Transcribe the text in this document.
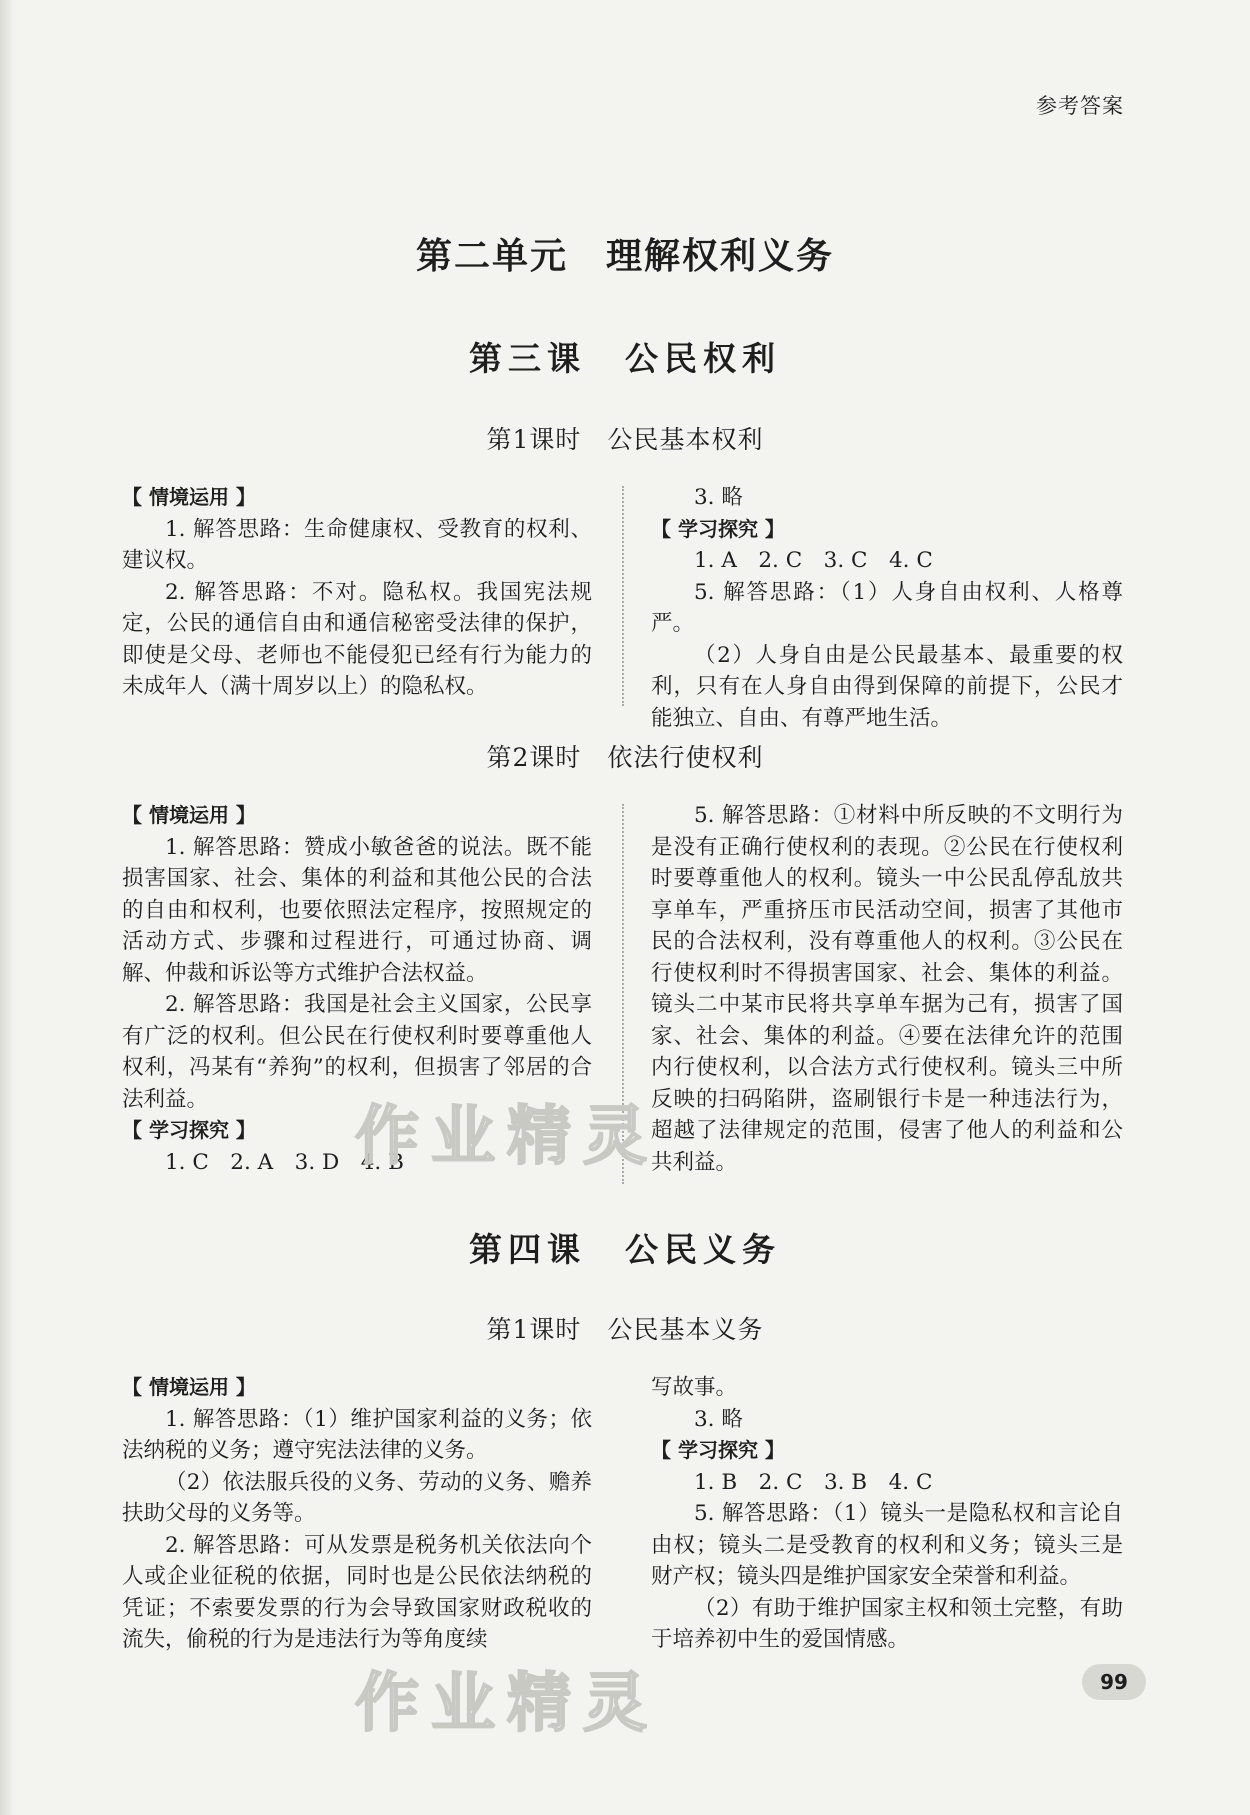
参考答案
第二单元　理解权利义务
第三课　公民权利
第1课时　公民基本权利

【 情境运用 】

1. 解答思路：生命健康权、受教育的权利、建议权。

2. 解答思路：不对。隐私权。我国宪法规定，公民的通信自由和通信秘密受法律的保护，即使是父母、老师也不能侵犯已经有行为能力的未成年人（满十周岁以上）的隐私权。

3. 略

【 学习探究 】

1. A　2. C　3. C　4. C

5. 解答思路：（1）人身自由权利、人格尊严。

（2）人身自由是公民最基本、最重要的权利，只有在人身自由得到保障的前提下，公民才能独立、自由、有尊严地生活。

第2课时　依法行使权利

【 情境运用 】

1. 解答思路：赞成小敏爸爸的说法。既不能损害国家、社会、集体的利益和其他公民的合法的自由和权利，也要依照法定程序，按照规定的活动方式、步骤和过程进行，可通过协商、调解、仲裁和诉讼等方式维护合法权益。

2. 解答思路：我国是社会主义国家，公民享有广泛的权利。但公民在行使权利时要尊重他人权利，冯某有“养狗”的权利，但损害了邻居的合法利益。

【 学习探究 】

1. C　2. A　3. D　4. B

5. 解答思路：①材料中所反映的不文明行为是没有正确行使权利的表现。②公民在行使权利时要尊重他人的权利。镜头一中公民乱停乱放共享单车，严重挤压市民活动空间，损害了其他市民的合法权利，没有尊重他人的权利。③公民在行使权利时不得损害国家、社会、集体的利益。镜头二中某市民将共享单车据为己有，损害了国家、社会、集体的利益。④要在法律允许的范围内行使权利，以合法方式行使权利。镜头三中所反映的扫码陷阱，盗刷银行卡是一种违法行为，超越了法律规定的范围，侵害了他人的利益和公共利益。

第四课　公民义务
第1课时　公民基本义务

【 情境运用 】

1. 解答思路：（1）维护国家利益的义务；依法纳税的义务；遵守宪法法律的义务。

（2）依法服兵役的义务、劳动的义务、赡养扶助父母的义务等。

2. 解答思路：可从发票是税务机关依法向个人或企业征税的依据，同时也是公民依法纳税的凭证；不索要发票的行为会导致国家财政税收的流失，偷税的行为是违法行为等角度续

写故事。

3. 略

【 学习探究 】

1. B　2. C　3. B　4. C

5. 解答思路：（1）镜头一是隐私权和言论自由权；镜头二是受教育的权利和义务；镜头三是财产权；镜头四是维护国家安全荣誉和利益。

（2）有助于维护国家主权和领土完整，有助于培养初中生的爱国情感。

作业精灵
作业精灵	99
